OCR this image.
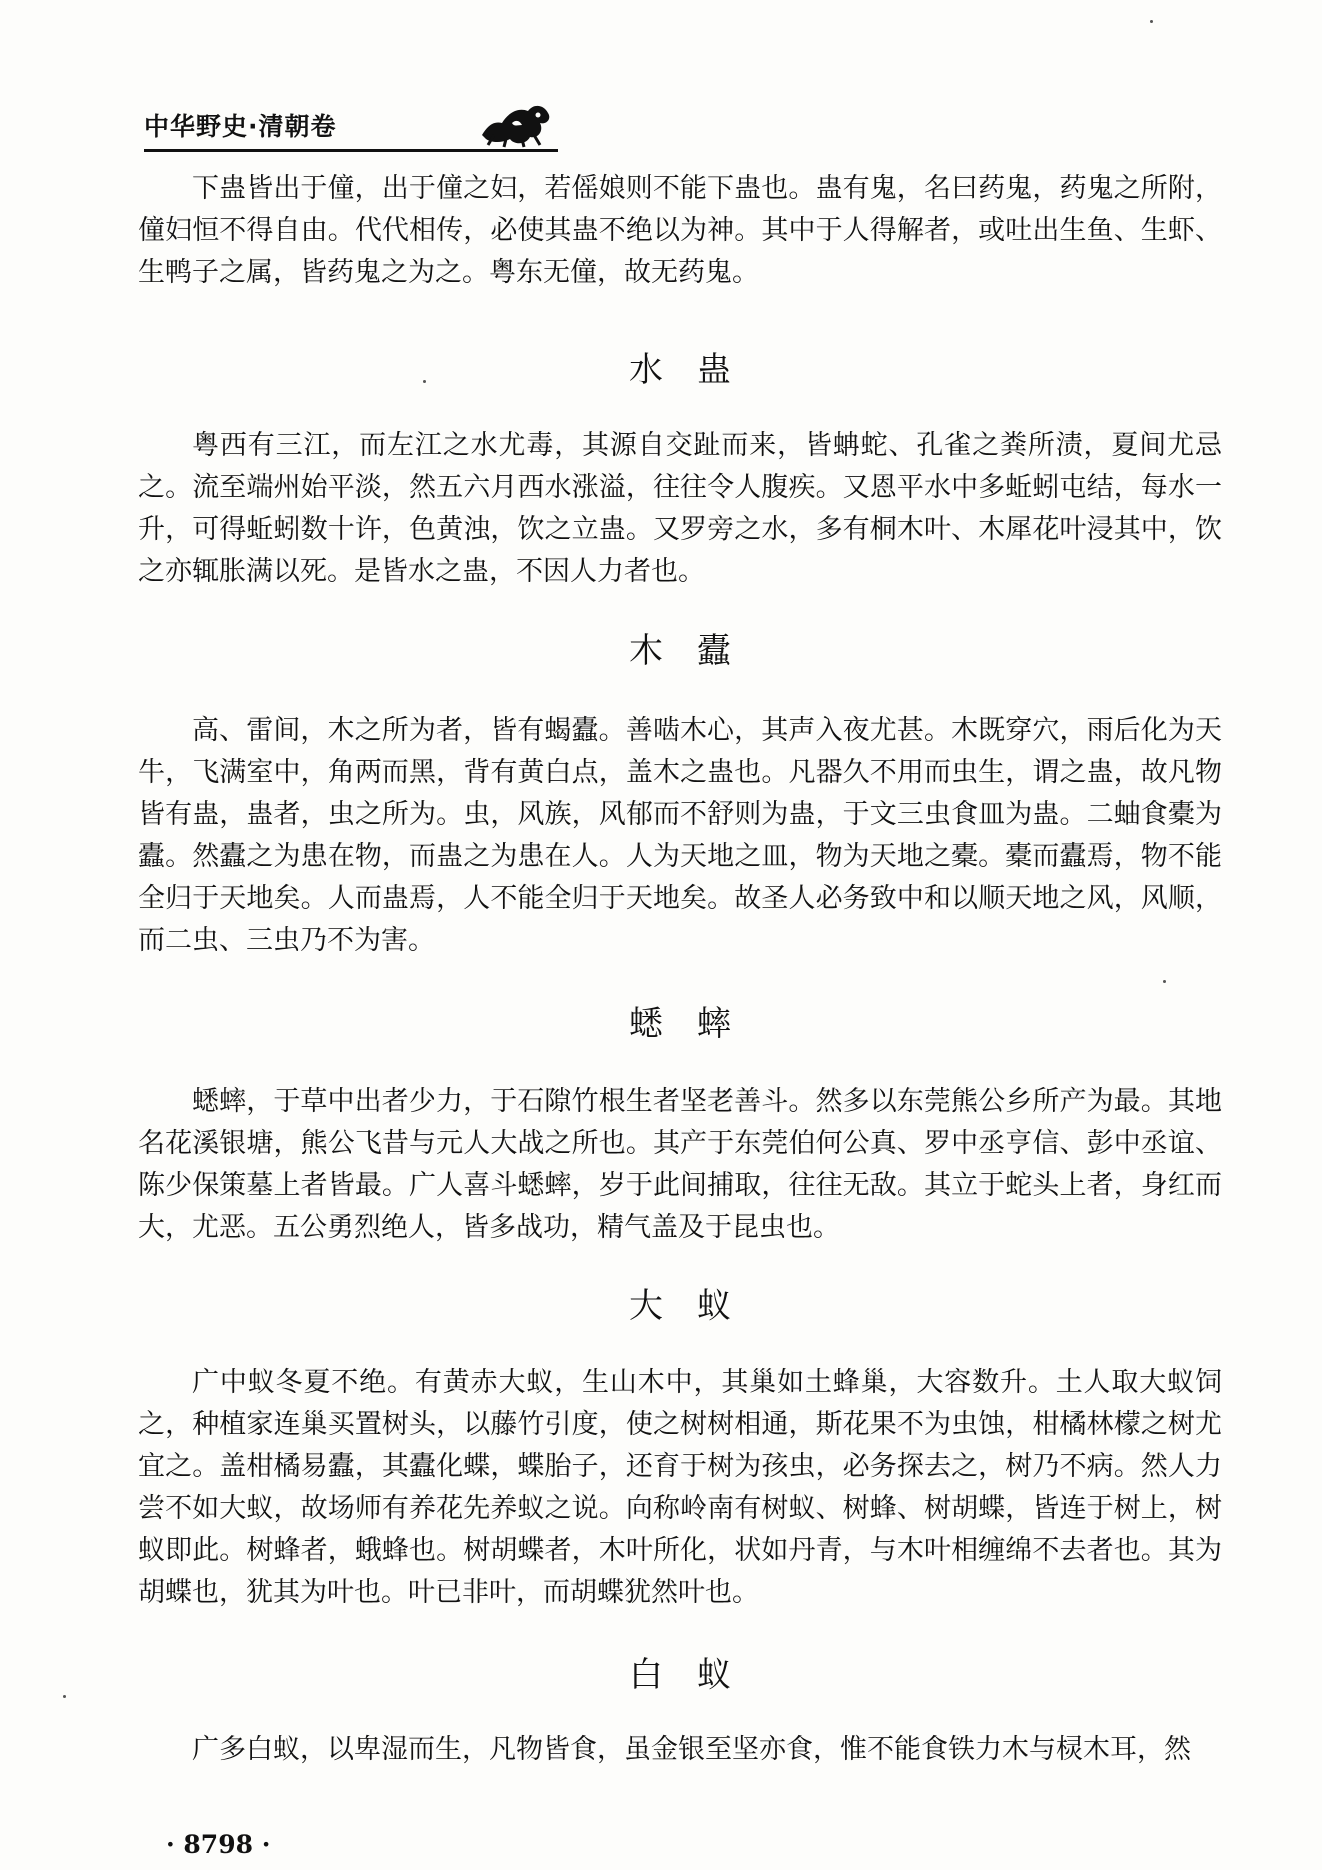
中华野史·清朝卷

下蛊皆出于僮，出于僮之妇，若傜娘则不能下蛊也。蛊有鬼，名曰药鬼，药鬼之所附，僮妇恒不得自由。代代相传，必使其蛊不绝以为神。其中于人得解者，或吐出生鱼、生虾、生鸭子之属，皆药鬼之为之。粤东无僮，故无药鬼。

水蛊

粤西有三江，而左江之水尤毒，其源自交趾而来，皆蚺蛇、孔雀之粪所渍，夏间尤忌之。流至端州始平淡，然五六月西水涨溢，往往令人腹疾。又恩平水中多蚯蚓屯结，每水一升，可得蚯蚓数十许，色黄浊，饮之立蛊。又罗旁之水，多有桐木叶、木犀花叶浸其中，饮之亦辄胀满以死。是皆水之蛊，不因人力者也。

木蠹

高、雷间，木之所为者，皆有蝎蠹。善啮木心，其声入夜尤甚。木既穿穴，雨后化为天牛，飞满室中，角两而黑，背有黄白点，盖木之蛊也。凡器久不用而虫生，谓之蛊，故凡物皆有蛊，蛊者，虫之所为。虫，风族，风郁而不舒则为蛊，于文三虫食皿为蛊。二蚰食橐为蠹。然蠹之为患在物，而蛊之为患在人。人为天地之皿，物为天地之橐。橐而蠹焉，物不能全归于天地矣。人而蛊焉，人不能全归于天地矣。故圣人必务致中和以顺天地之风，风顺，而二虫、三虫乃不为害。

蟋蟀

蟋蟀，于草中出者少力，于石隙竹根生者坚老善斗。然多以东莞熊公乡所产为最。其地名花溪银塘，熊公飞昔与元人大战之所也。其产于东莞伯何公真、罗中丞亨信、彭中丞谊、陈少保策墓上者皆最。广人喜斗蟋蟀，岁于此间捕取，往往无敌。其立于蛇头上者，身红而大，尤恶。五公勇烈绝人，皆多战功，精气盖及于昆虫也。

大蚁

广中蚁冬夏不绝。有黄赤大蚁，生山木中，其巢如土蜂巢，大容数升。土人取大蚁饲之，种植家连巢买置树头，以藤竹引度，使之树树相通，斯花果不为虫蚀，柑橘林檬之树尤宜之。盖柑橘易蠹，其蠹化蝶，蝶胎子，还育于树为孩虫，必务探去之，树乃不病。然人力尝不如大蚁，故场师有养花先养蚁之说。向称岭南有树蚁、树蜂、树胡蝶，皆连于树上，树蚁即此。树蜂者，蛾蜂也。树胡蝶者，木叶所化，状如丹青，与木叶相缠绵不去者也。其为胡蝶也，犹其为叶也。叶已非叶，而胡蝶犹然叶也。

白蚁

广多白蚁，以卑湿而生，凡物皆食，虽金银至坚亦食，惟不能食铁力木与棂木耳，然

· 8798 ·
